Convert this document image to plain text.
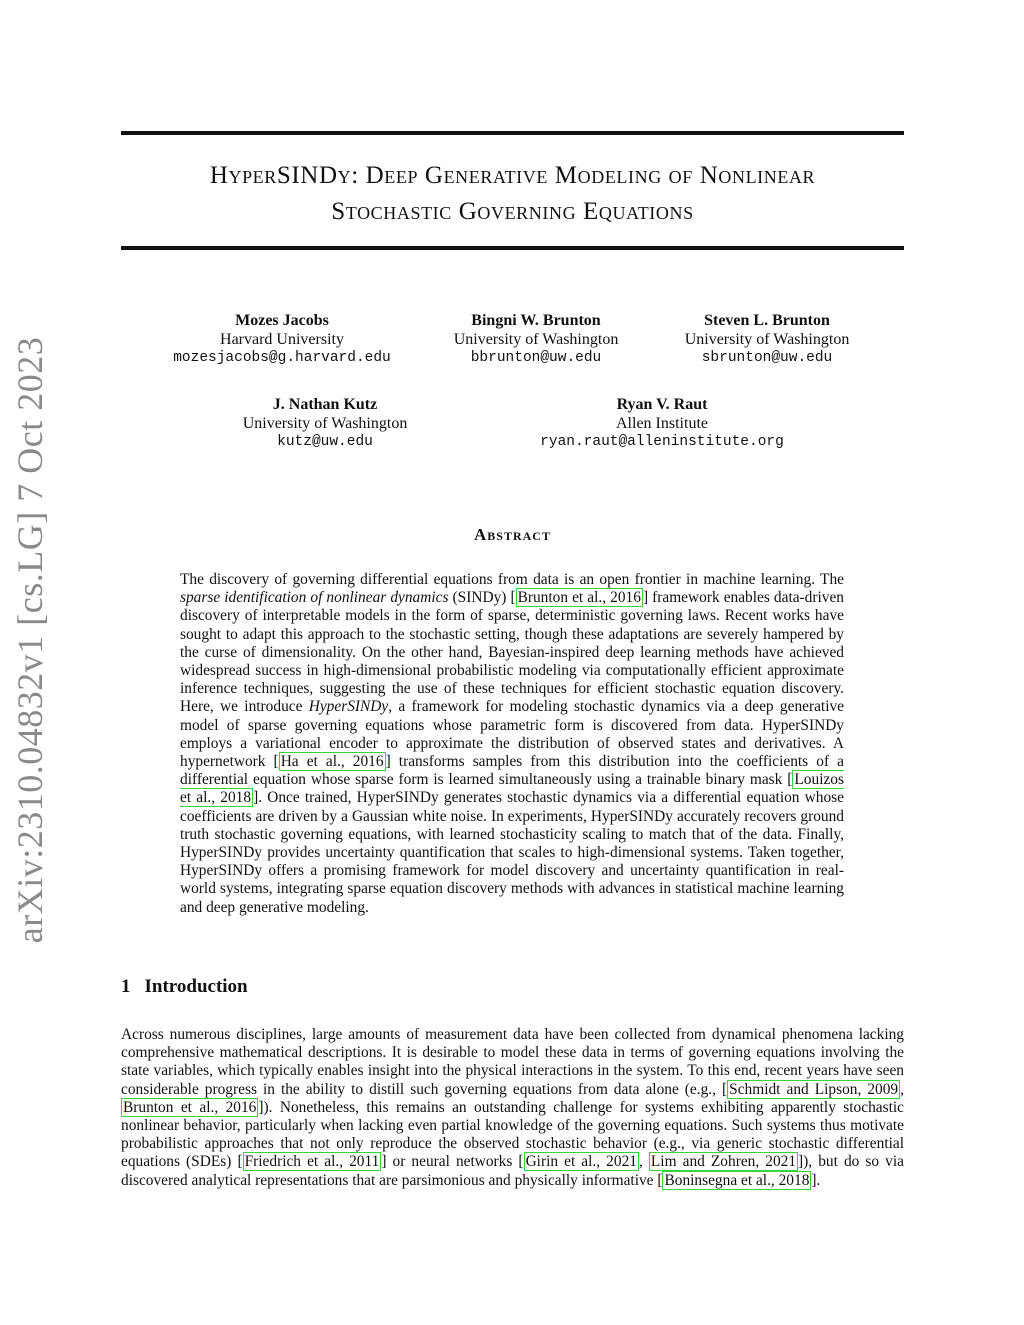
arXiv:2310.04832v1 [cs.LG] 7 Oct 2023
HyperSINDy: Deep Generative Modeling of Nonlinear
Stochastic Governing Equations
Mozes Jacobs
Harvard University
mozesjacobs@g.harvard.edu
Bingni W. Brunton
University of Washington
bbrunton@uw.edu
Steven L. Brunton
University of Washington
sbrunton@uw.edu
J. Nathan Kutz
University of Washington
kutz@uw.edu
Ryan V. Raut
Allen Institute
ryan.raut@alleninstitute.org
Abstract

The discovery of governing differential equations from data is an open frontier in machine learning. The sparse identification of nonlinear dynamics (SINDy) [ Brunton et al., 2016 ] framework enables data-driven discovery of interpretable models in the form of sparse, deterministic governing laws. Recent works have sought to adapt this approach to the stochastic setting, though these adaptations are severely hampered by the curse of dimensionality. On the other hand, Bayesian-inspired deep learning methods have achieved widespread success in high-dimensional probabilistic modeling via computationally efficient approximate inference techniques, suggesting the use of these techniques for efficient stochastic equation discovery. Here, we introduce HyperSINDy, a framework for modeling stochastic dynamics via a deep generative model of sparse governing equations whose parametric form is discovered from data. HyperSINDy employs a variational encoder to approximate the distribution of observed states and derivatives. A hypernetwork [ Ha et al., 2016 ] transforms samples from this distribution into the coefficients of a differential equation whose sparse form is learned simultaneously using a trainable binary mask [ Louizos et al., 2018 ]. Once trained, HyperSINDy generates stochastic dynamics via a differential equation whose coefficients are driven by a Gaussian white noise. In experiments, HyperSINDy accurately recovers ground truth stochastic governing equations, with learned stochasticity scaling to match that of the data. Finally, HyperSINDy provides uncertainty quantification that scales to high-dimensional systems. Taken together, HyperSINDy offers a promising framework for model discovery and uncertainty quantification in real-world systems, integrating sparse equation discovery methods with advances in statistical machine learning and deep generative modeling.

1 Introduction

Across numerous disciplines, large amounts of measurement data have been collected from dynamical phenomena lacking comprehensive mathematical descriptions. It is desirable to model these data in terms of governing equations involving the state variables, which typically enables insight into the physical interactions in the system. To this end, recent years have seen considerable progress in the ability to distill such governing equations from data alone (e.g., [ Schmidt and Lipson, 2009 , Brunton et al., 2016 ]). Nonetheless, this remains an outstanding challenge for systems exhibiting apparently stochastic nonlinear behavior, particularly when lacking even partial knowledge of the governing equations. Such systems thus motivate probabilistic approaches that not only reproduce the observed stochastic behavior (e.g., via generic stochastic differential equations (SDEs) [ Friedrich et al., 2011 ] or neural networks [ Girin et al., 2021 , Lim and Zohren, 2021 ]), but do so via discovered analytical representations that are parsimonious and physically informative [ Boninsegna et al., 2018 ].
